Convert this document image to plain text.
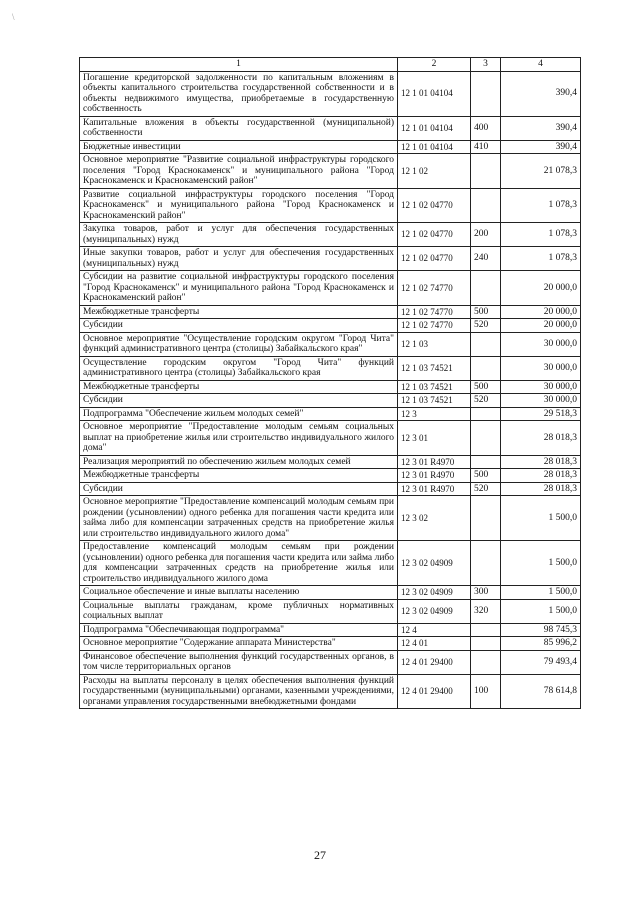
\
1	2	3	4
Погашение кредиторской задолженности по капитальным вложениям в объекты капитального строительства государственной собственности и в объекты недвижимого имущества, приобретаемые в государственную собственность	12 1 01 04104		390,4
Капитальные вложения в объекты государственной (муниципальной) собственности	12 1 01 04104	400	390,4
Бюджетные инвестиции	12 1 01 04104	410	390,4
Основное мероприятие "Развитие социальной инфраструктуры городского поселения "Город Краснокаменск" и муниципального района "Город Краснокаменск и Краснокаменский район"	12 1 02		21 078,3
Развитие социальной инфраструктуры городского поселения "Город Краснокаменск" и муниципального района "Город Краснокаменск и Краснокаменский район"	12 1 02 04770		1 078,3
Закупка товаров, работ и услуг для обеспечения государственных (муниципальных) нужд	12 1 02 04770	200	1 078,3
Иные закупки товаров, работ и услуг для обеспечения государственных (муниципальных) нужд	12 1 02 04770	240	1 078,3
Субсидии на развитие социальной инфраструктуры городского поселения "Город Краснокаменск" и муниципального района "Город Краснокаменск и Краснокаменский район"	12 1 02 74770		20 000,0
Межбюджетные трансферты	12 1 02 74770	500	20 000,0
Субсидии	12 1 02 74770	520	20 000,0
Основное мероприятие "Осуществление городским округом "Город Чита" функций административного центра (столицы) Забайкальского края"	12 1 03		30 000,0
Осуществление городским округом "Город Чита" функций административного центра (столицы) Забайкальского края	12 1 03 74521		30 000,0
Межбюджетные трансферты	12 1 03 74521	500	30 000,0
Субсидии	12 1 03 74521	520	30 000,0
Подпрограмма "Обеспечение жильем молодых семей"	12 3		29 518,3
Основное мероприятие "Предоставление молодым семьям социальных выплат на приобретение жилья или строительство индивидуального жилого дома"	12 3 01		28 018,3
Реализация мероприятий по обеспечению жильем молодых семей	12 3 01 R4970		28 018,3
Межбюджетные трансферты	12 3 01 R4970	500	28 018,3
Субсидии	12 3 01 R4970	520	28 018,3
Основное мероприятие "Предоставление компенсаций молодым семьям при рождении (усыновлении) одного ребенка для погашения части кредита или займа либо для компенсации затраченных средств на приобретение жилья или строительство индивидуального жилого дома"	12 3 02		1 500,0
Предоставление компенсаций молодым семьям при рождении (усыновлении) одного ребенка для погашения части кредита или займа либо для компенсации затраченных средств на приобретение жилья или строительство индивидуального жилого дома	12 3 02 04909		1 500,0
Социальное обеспечение и иные выплаты населению	12 3 02 04909	300	1 500,0
Социальные выплаты гражданам, кроме публичных нормативных социальных выплат	12 3 02 04909	320	1 500,0
Подпрограмма "Обеспечивающая подпрограмма"	12 4		98 745,3
Основное мероприятие "Содержание аппарата Министерства"	12 4 01		85 996,2
Финансовое обеспечение выполнения функций государственных органов, в том числе территориальных органов	12 4 01 29400		79 493,4
Расходы на выплаты персоналу в целях обеспечения выполнения функций государственными (муниципальными) органами, казенными учреждениями, органами управления государственными внебюджетными фондами	12 4 01 29400	100	78 614,8
27
